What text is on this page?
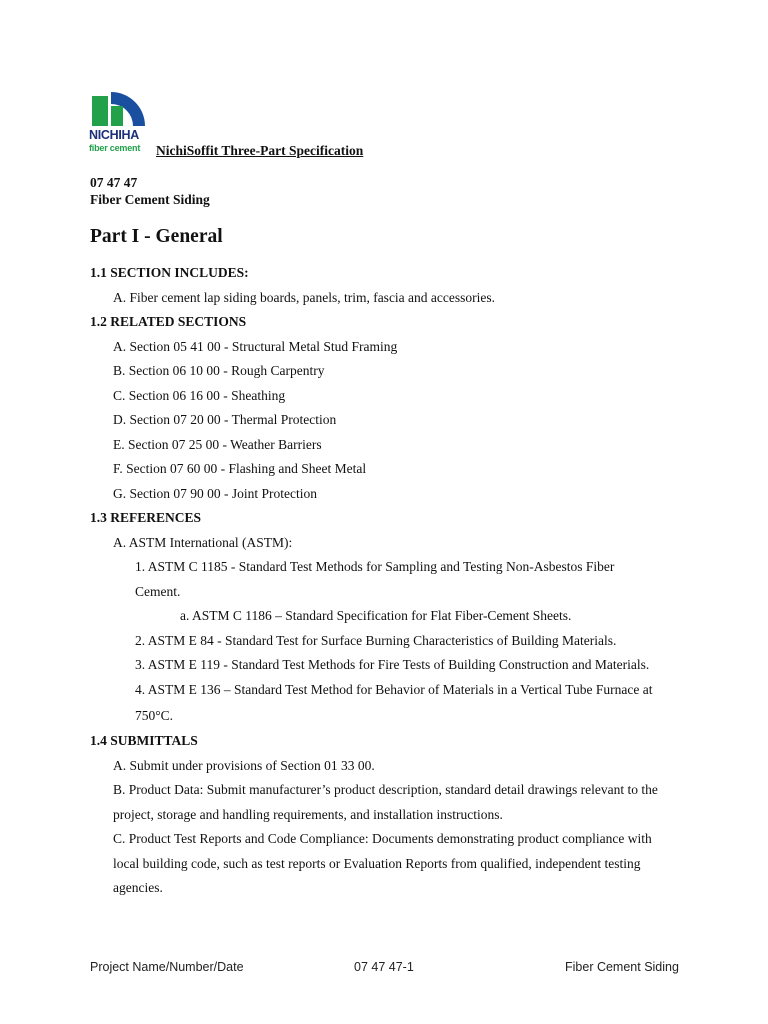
NICHIHA
fiber cement NichiSoffit Three-Part Specification
07 47 47
Fiber Cement Siding
Part I - General
1.1 SECTION INCLUDES:
A. Fiber cement lap siding boards, panels, trim, fascia and accessories.
1.2 RELATED SECTIONS
A. Section 05 41 00 - Structural Metal Stud Framing
B. Section 06 10 00 - Rough Carpentry
C. Section 06 16 00 - Sheathing
D. Section 07 20 00 - Thermal Protection
E. Section 07 25 00 - Weather Barriers
F. Section 07 60 00 - Flashing and Sheet Metal
G. Section 07 90 00 - Joint Protection
1.3 REFERENCES
A. ASTM International (ASTM):
1. ASTM C 1185 - Standard Test Methods for Sampling and Testing Non-Asbestos Fiber
Cement.
a. ASTM C 1186 – Standard Specification for Flat Fiber-Cement Sheets.
2. ASTM E 84 - Standard Test for Surface Burning Characteristics of Building Materials.
3. ASTM E 119 - Standard Test Methods for Fire Tests of Building Construction and Materials.
4. ASTM E 136 – Standard Test Method for Behavior of Materials in a Vertical Tube Furnace at
750°C.
1.4 SUBMITTALS
A. Submit under provisions of Section 01 33 00.
B. Product Data: Submit manufacturer’s product description, standard detail drawings relevant to the
project, storage and handling requirements, and installation instructions.
C. Product Test Reports and Code Compliance: Documents demonstrating product compliance with
local building code, such as test reports or Evaluation Reports from qualified, independent testing
agencies.
Project Name/Number/Date	07 47 47-1	Fiber Cement Siding
